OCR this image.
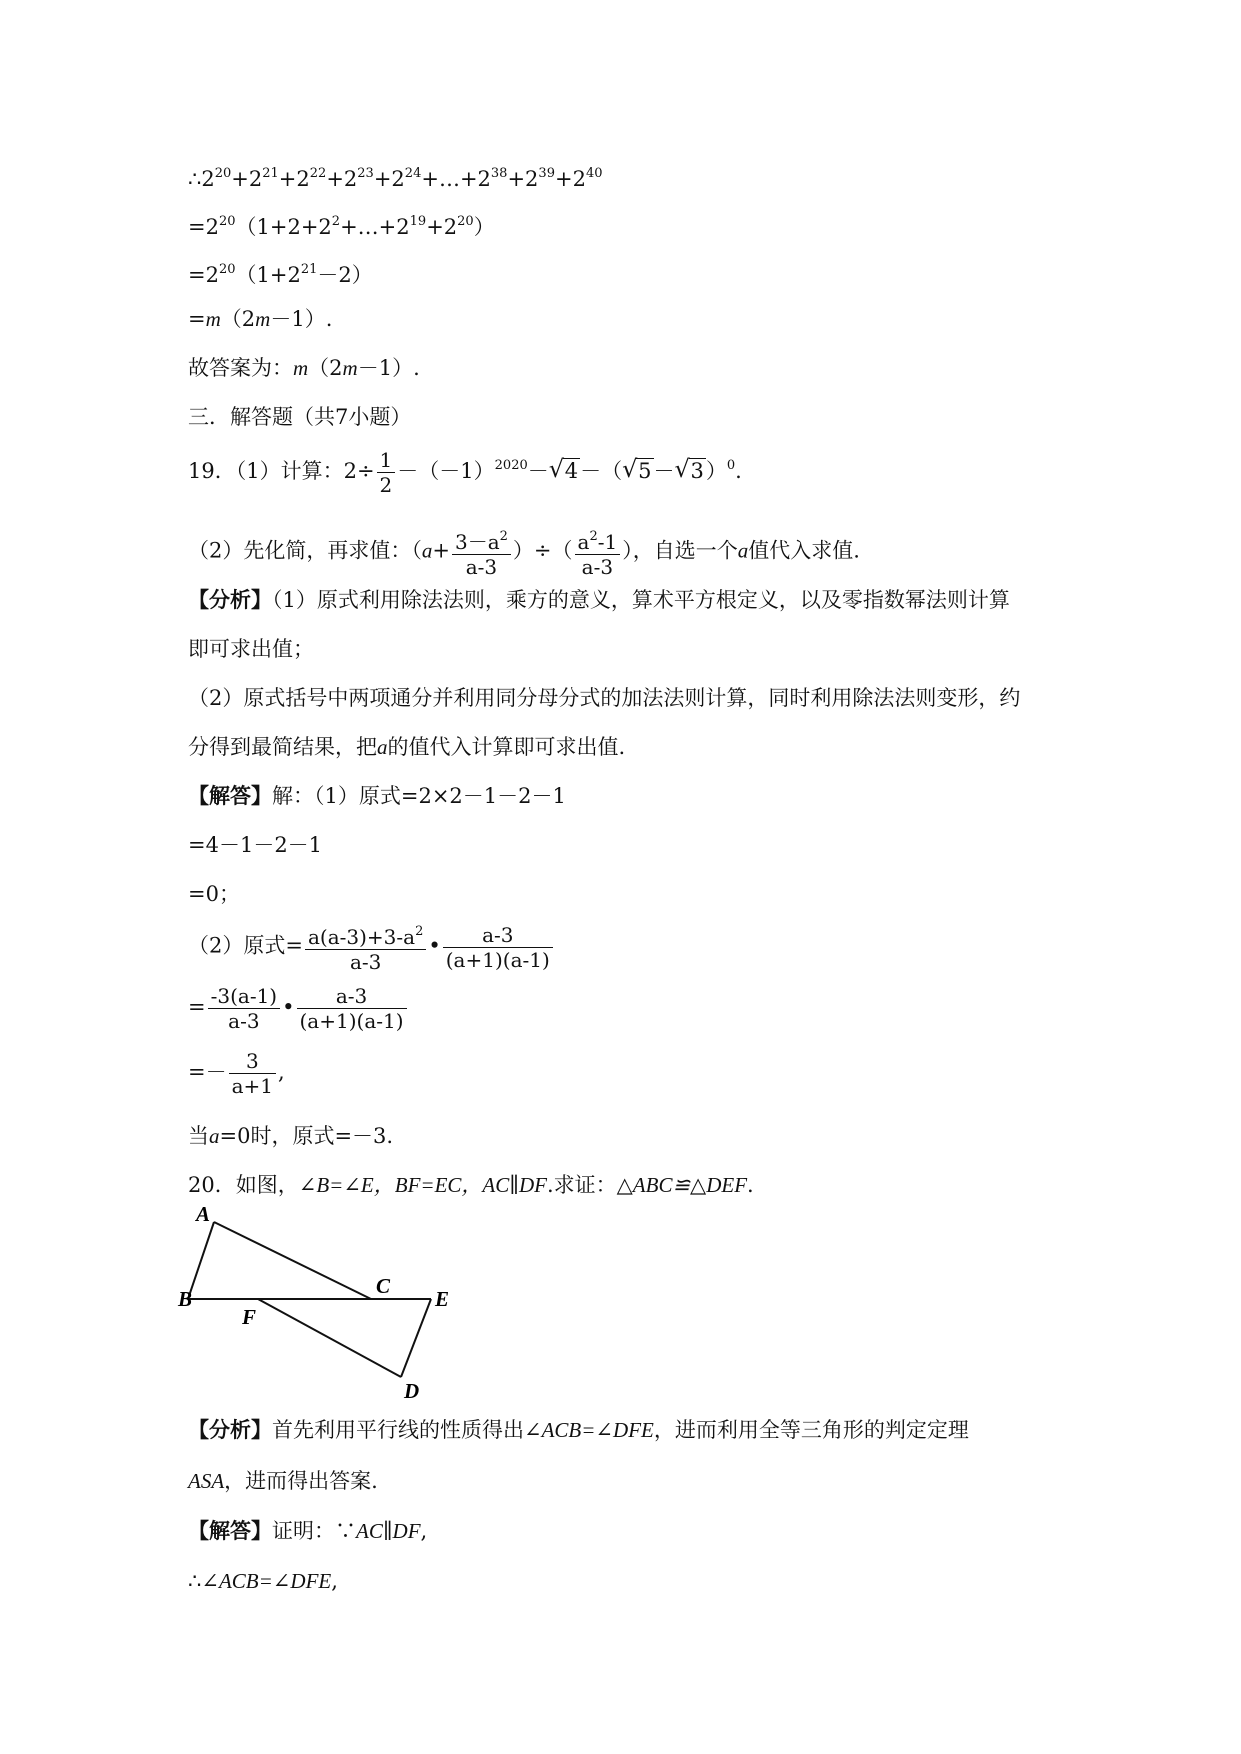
$\therefore 2^{20}+2^{21}+2^{22}+2^{23}+2^{24}+\dots+2^{38}+2^{39}+2^{40}$
$=2^{20}(1+2+2^2+\dots+2^{19}+2^{20})$
$=2^{20}(1+2^{21}-2)$
=m（2m－1）.
故答案为：m（2m－1）.
三．解答题（共7小题）
19．（1）计算：$2\div \frac{1}{2} -(-1)^{2020}-√$ 4－（√ 5－√ 3）$^0$.
（2）先化简，再求值：（$a+ \frac{3-a^2}{a-3}$ ）÷（ $\frac{a^2-1}{a-3}$ ），自选一个a值代入求值.
【分析】（1）原式利用除法法则，乘方的意义，算术平方根定义，以及零指数幂法则计算
即可求出值；
（2）原式括号中两项通分并利用同分母分式的加法法则计算，同时利用除法法则变形，约
分得到最简结果，把a的值代入计算即可求出值.
【解答】解：（1）原式=2×2－1－2－1
=4－1－2－1
=0；
（2）原式= $\frac{a(a-3)+3-a^2}{a-3}$ • $\frac{a-3}{(a+1)(a-1)}$
= $\frac{-3(a-1)}{a-3}$ • $\frac{a-3}{(a+1)(a-1)}$
=－ $\frac{3}{a+1}$ ,
当a=0时，原式=－3.
20．如图，∠B=∠E，BF=EC，AC∥DF.求证：△ABC≌△DEF.
A
B
C
E
F
D
【分析】首先利用平行线的性质得出∠ACB=∠DFE，进而利用全等三角形的判定定理
ASA，进而得出答案.
【解答】证明：∵AC∥DF,
∴∠ACB=∠DFE,
